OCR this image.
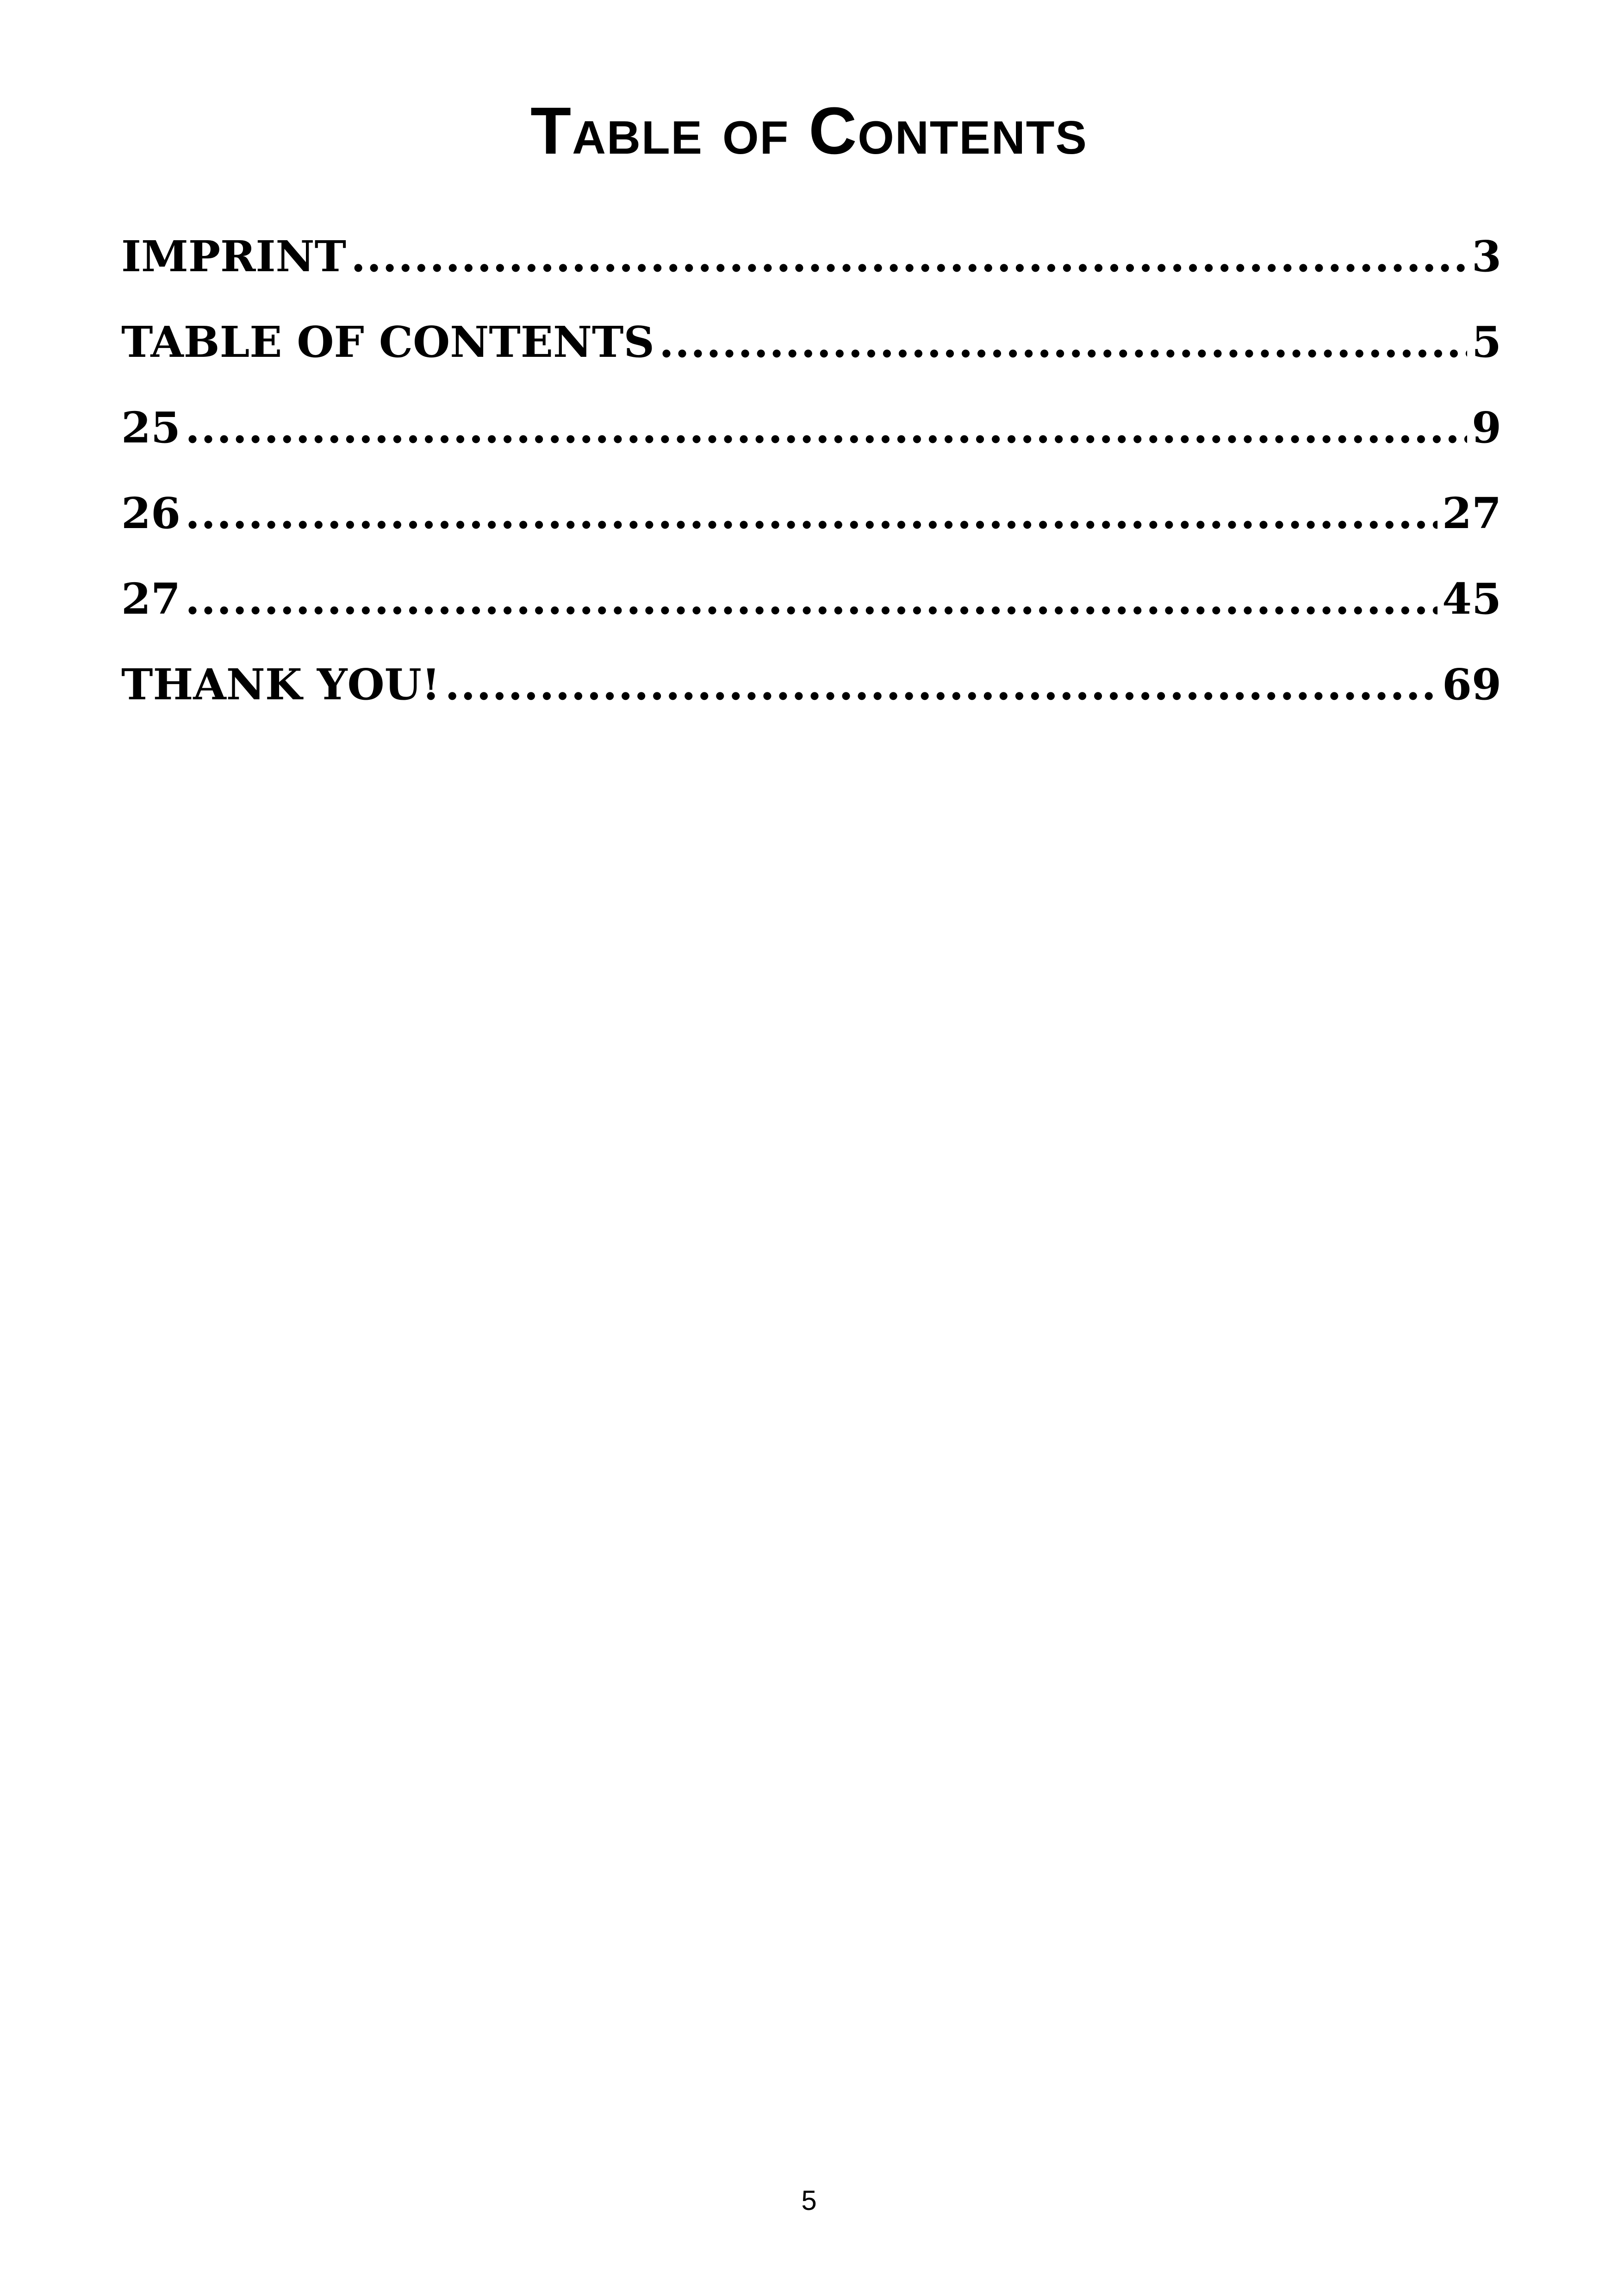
Table of Contents
IMPRINT .....	3
TABLE OF CONTENTS .....	5
25 .....	9
26 .....	27
27 .....	45
THANK YOU! .....	69
5
